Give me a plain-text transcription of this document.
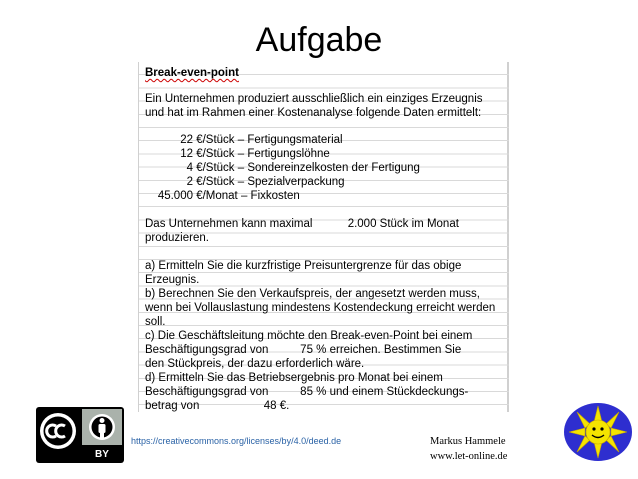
Aufgabe
Break-even-point
Ein Unternehmen produziert ausschließlich ein einziges Erzeugnis
und hat im Rahmen einer Kostenanalyse folgende Daten ermittelt:
22 €/Stück – Fertigungsmaterial
12 €/Stück – Fertigungslöhne
4 €/Stück – Sondereinzelkosten der Fertigung
2 €/Stück – Spezialverpackung
45.000 €/Monat – Fixkosten
Das Unternehmen kann maximal	2.000 Stück im Monat
produzieren.
a) Ermitteln Sie die kurzfristige Preisuntergrenze für das obige
Erzeugnis.
b) Berechnen Sie den Verkaufspreis, der angesetzt werden muss,
wenn bei Vollauslastung mindestens Kostendeckung erreicht werden
soll.
c) Die Geschäftsleitung möchte den Break-even-Point bei einem
Beschäftigungsgrad von	75 % erreichen. Bestimmen Sie
den Stückpreis, der dazu erforderlich wäre.
d) Ermitteln Sie das Betriebsergebnis pro Monat bei einem
Beschäftigungsgrad von	85 % und einem Stückdeckungs-
betrag von	48 €.
BY
https://creativecommons.org/licenses/by/4.0/deed.de	Markus Hammele
www.let-online.de
